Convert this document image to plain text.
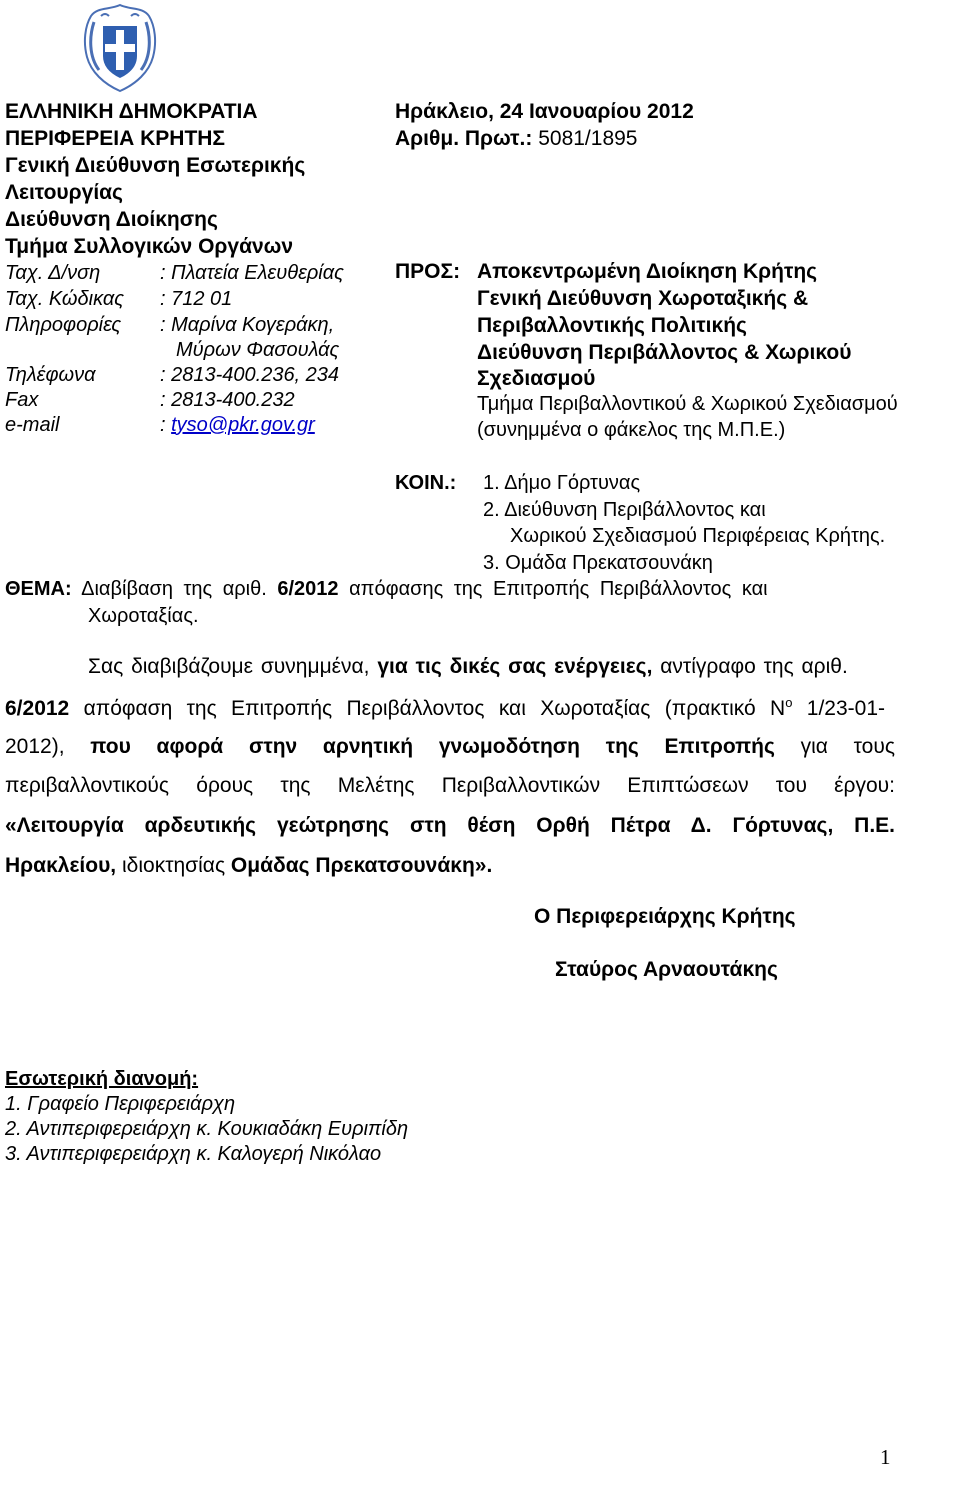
ΕΛΛΗΝΙΚΗ ΔΗΜΟΚΡΑΤΙΑ
ΠΕΡΙΦΕΡΕΙΑ ΚΡΗΤΗΣ
Γενική Διεύθυνση Εσωτερικής
Λειτουργίας
Διεύθυνση Διοίκησης
Τμήμα Συλλογικών Οργάνων
Ταχ. Δ/νση	: Πλατεία Ελευθερίας
Ταχ. Κώδικας : 712 01
Πληροφορίες : Μαρίνα Κογεράκη,
Μύρων Φασουλάς
Τηλέφωνα	: 2813-400.236, 234
Fax	: 2813-400.232
e-mail	: tyso@pkr.gov.gr
Ηράκλειο, 24 Ιανουαρίου 2012
Αριθμ. Πρωτ.: 5081/1895
ΠΡΟΣ: Αποκεντρωμένη Διοίκηση Κρήτης
Γενική Διεύθυνση Χωροταξικής &
Περιβαλλοντικής Πολιτικής
Διεύθυνση Περιβάλλοντος & Χωρικού
Σχεδιασμού
Τμήμα Περιβαλλοντικού & Χωρικού Σχεδιασμού
(συνημμένα ο φάκελος της Μ.Π.Ε.)
ΚΟΙΝ.: 1. Δήμο Γόρτυνας
2. Διεύθυνση Περιβάλλοντος και
Χωρικού Σχεδιασμού Περιφέρειας Κρήτης.
3. Ομάδα Πρεκατσουνάκη
ΘΕΜΑ: Διαβίβαση της αριθ. 6/2012 απόφασης της Επιτροπής Περιβάλλοντος και
Χωροταξίας.
Σας διαβιβάζουμε συνημμένα, για τις δικές σας ενέργειες, αντίγραφο της αριθ.
6/2012 απόφαση της Επιτροπής Περιβάλλοντος και Χωροταξίας (πρακτικό $N^o$ 1/23-01-
2012), που αφορά στην αρνητική γνωμοδότηση της Επιτροπής για τους
περιβαλλοντικούς όρους της Μελέτης Περιβαλλοντικών Επιπτώσεων του έργου:
«Λειτουργία αρδευτικής γεώτρησης στη θέση Ορθή Πέτρα Δ. Γόρτυνας, Π.Ε.
Ηρακλείου, ιδιοκτησίας Ομάδας Πρεκατσουνάκη».
Ο Περιφερειάρχης Κρήτης
Σταύρος Αρναουτάκης
Εσωτερική διανομή:
1. Γραφείο Περιφερειάρχη
2. Αντιπεριφερειάρχη κ. Κουκιαδάκη Ευριπίδη
3. Αντιπεριφερειάρχη κ. Καλογερή Νικόλαο
1
